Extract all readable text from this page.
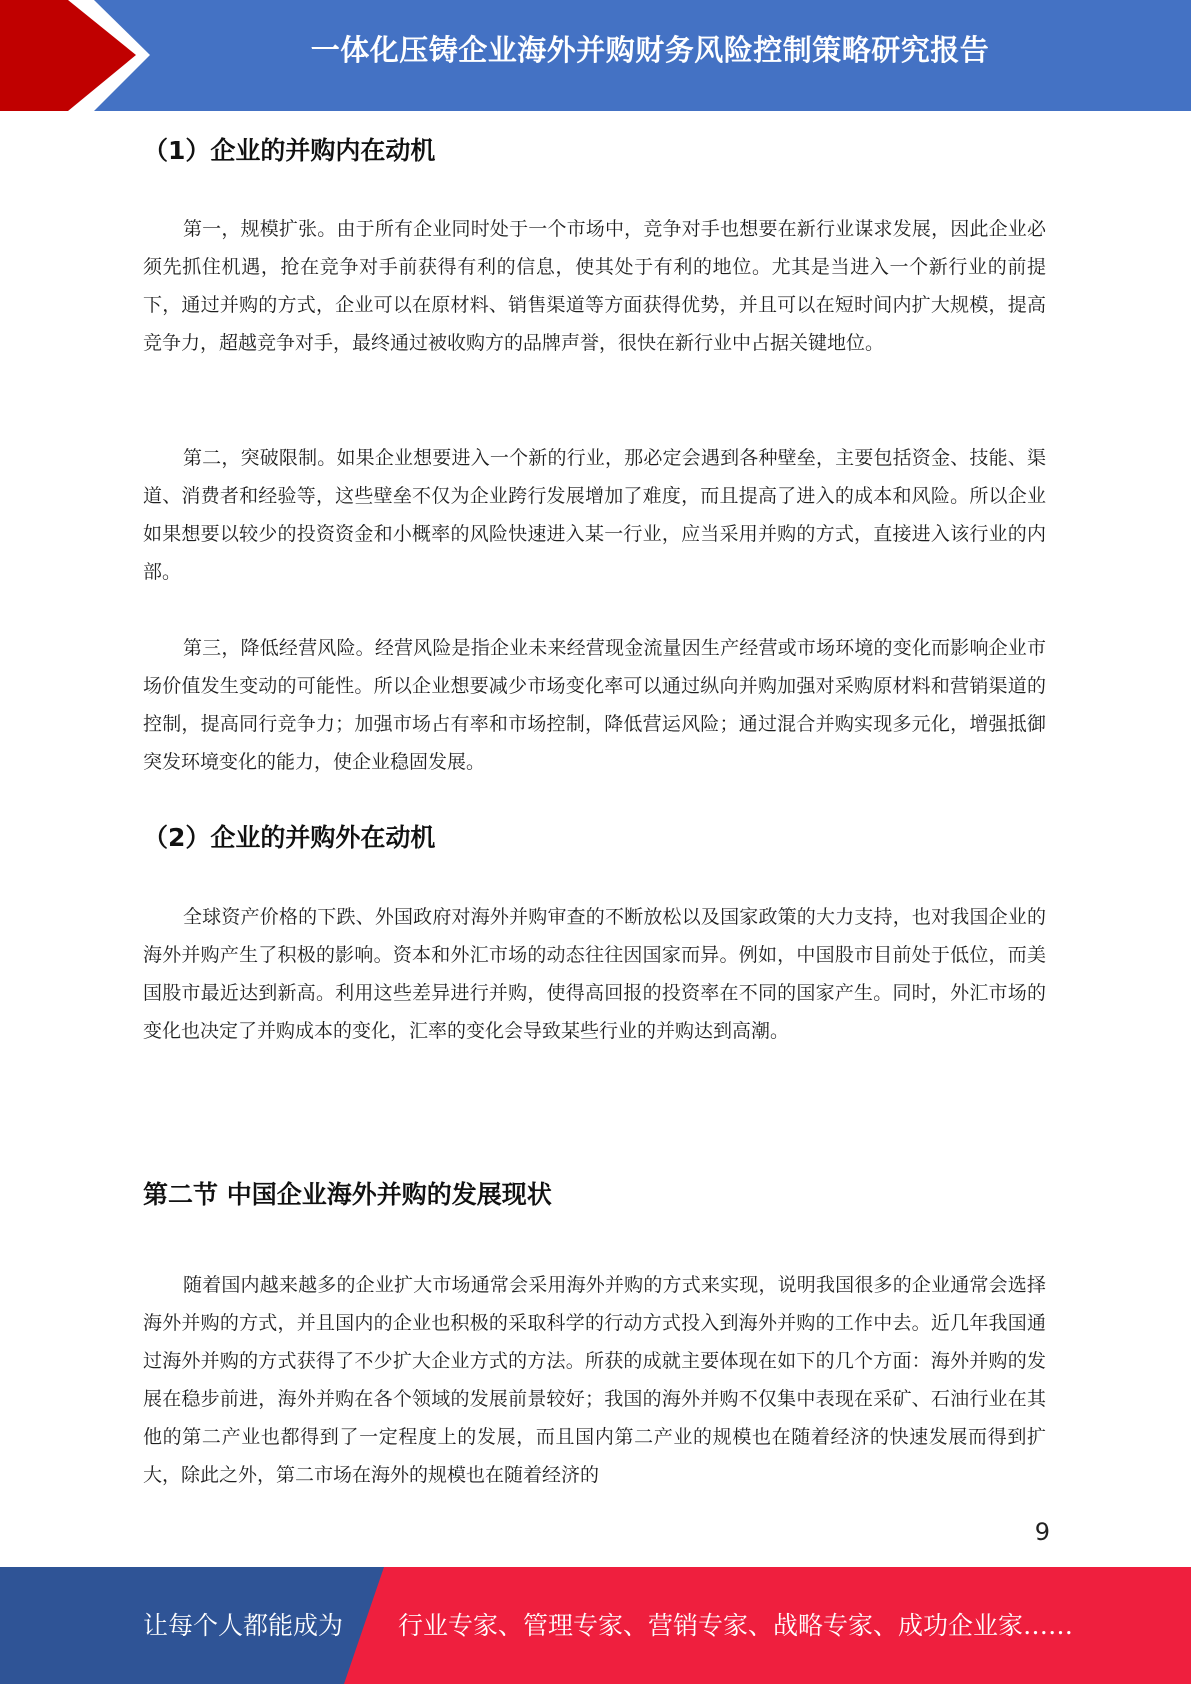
一体化压铸企业海外并购财务风险控制策略研究报告
（1）企业的并购内在动机

第一，规模扩张。由于所有企业同时处于一个市场中，竞争对手也想要在新行业谋求发展，因此企业必须先抓住机遇，抢在竞争对手前获得有利的信息，使其处于有利的地位。尤其是当进入一个新行业的前提下，通过并购的方式，企业可以在原材料、销售渠道等方面获得优势，并且可以在短时间内扩大规模，提高竞争力，超越竞争对手，最终通过被收购方的品牌声誉，很快在新行业中占据关键地位。

第二，突破限制。如果企业想要进入一个新的行业，那必定会遇到各种壁垒，主要包括资金、技能、渠道、消费者和经验等，这些壁垒不仅为企业跨行发展增加了难度，而且提高了进入的成本和风险。所以企业如果想要以较少的投资资金和小概率的风险快速进入某一行业，应当采用并购的方式，直接进入该行业的内部。

第三，降低经营风险。经营风险是指企业未来经营现金流量因生产经营或市场环境的变化而影响企业市场价值发生变动的可能性。所以企业想要减少市场变化率可以通过纵向并购加强对采购原材料和营销渠道的控制，提高同行竞争力；加强市场占有率和市场控制，降低营运风险；通过混合并购实现多元化，增强抵御突发环境变化的能力，使企业稳固发展。

（2）企业的并购外在动机

全球资产价格的下跌、外国政府对海外并购审查的不断放松以及国家政策的大力支持，也对我国企业的海外并购产生了积极的影响。资本和外汇市场的动态往往因国家而异。例如，中国股市目前处于低位，而美国股市最近达到新高。利用这些差异进行并购，使得高回报的投资率在不同的国家产生。同时，外汇市场的变化也决定了并购成本的变化，汇率的变化会导致某些行业的并购达到高潮。

第二节 中国企业海外并购的发展现状

随着国内越来越多的企业扩大市场通常会采用海外并购的方式来实现，说明我国很多的企业通常会选择海外并购的方式，并且国内的企业也积极的采取科学的行动方式投入到海外并购的工作中去。近几年我国通过海外并购的方式获得了不少扩大企业方式的方法。所获的成就主要体现在如下的几个方面：海外并购的发展在稳步前进，海外并购在各个领域的发展前景较好；我国的海外并购不仅集中表现在采矿、石油行业在其他的第二产业也都得到了一定程度上的发展，而且国内第二产业的规模也在随着经济的快速发展而得到扩大，除此之外，第二市场在海外的规模也在随着经济的

9
让每个人都能成为 行业专家、管理专家、营销专家、战略专家、成功企业家……
